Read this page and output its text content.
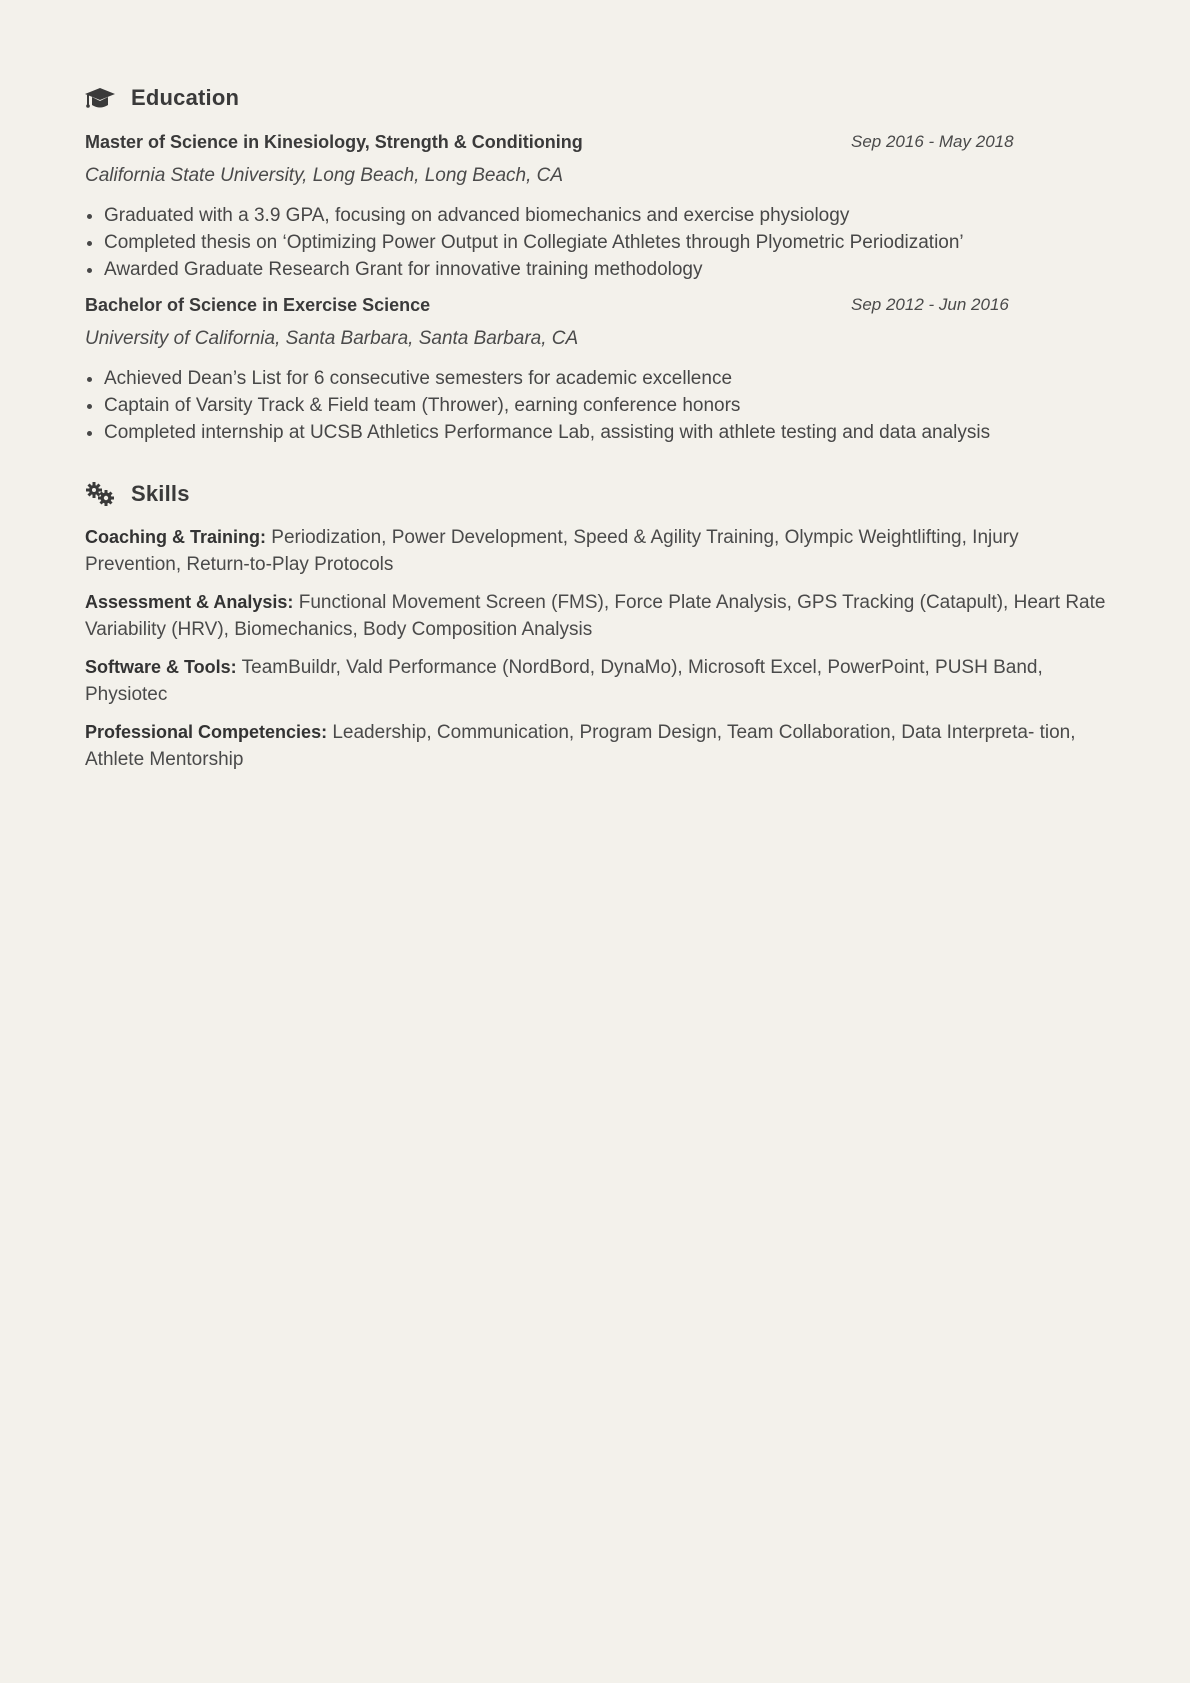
Education
Master of Science in Kinesiology, Strength & Conditioning	Sep 2016 - May 2018
California State University, Long Beach, Long Beach, CA
• Graduated with a 3.9 GPA, focusing on advanced biomechanics and exercise physiology
• Completed thesis on ‘Optimizing Power Output in Collegiate Athletes through Plyometric Periodization’
• Awarded Graduate Research Grant for innovative training methodology
Bachelor of Science in Exercise Science	Sep 2012 - Jun 2016
University of California, Santa Barbara, Santa Barbara, CA
• Achieved Dean’s List for 6 consecutive semesters for academic excellence
• Captain of Varsity Track & Field team (Thrower), earning conference honors
• Completed internship at UCSB Athletics Performance Lab, assisting with athlete testing and data analysis
Skills

Coaching & Training: Periodization, Power Development, Speed & Agility Training, Olympic Weightlifting, Injury Prevention, Return-to-Play Protocols

Assessment & Analysis: Functional Movement Screen (FMS), Force Plate Analysis, GPS Tracking (Catapult), Heart Rate Variability (HRV), Biomechanics, Body Composition Analysis

Software & Tools: TeamBuildr, Vald Performance (NordBord, DynaMo), Microsoft Excel, PowerPoint, PUSH Band, Physiotec

Professional Competencies: Leadership, Communication, Program Design, Team Collaboration, Data Interpreta- tion, Athlete Mentorship
